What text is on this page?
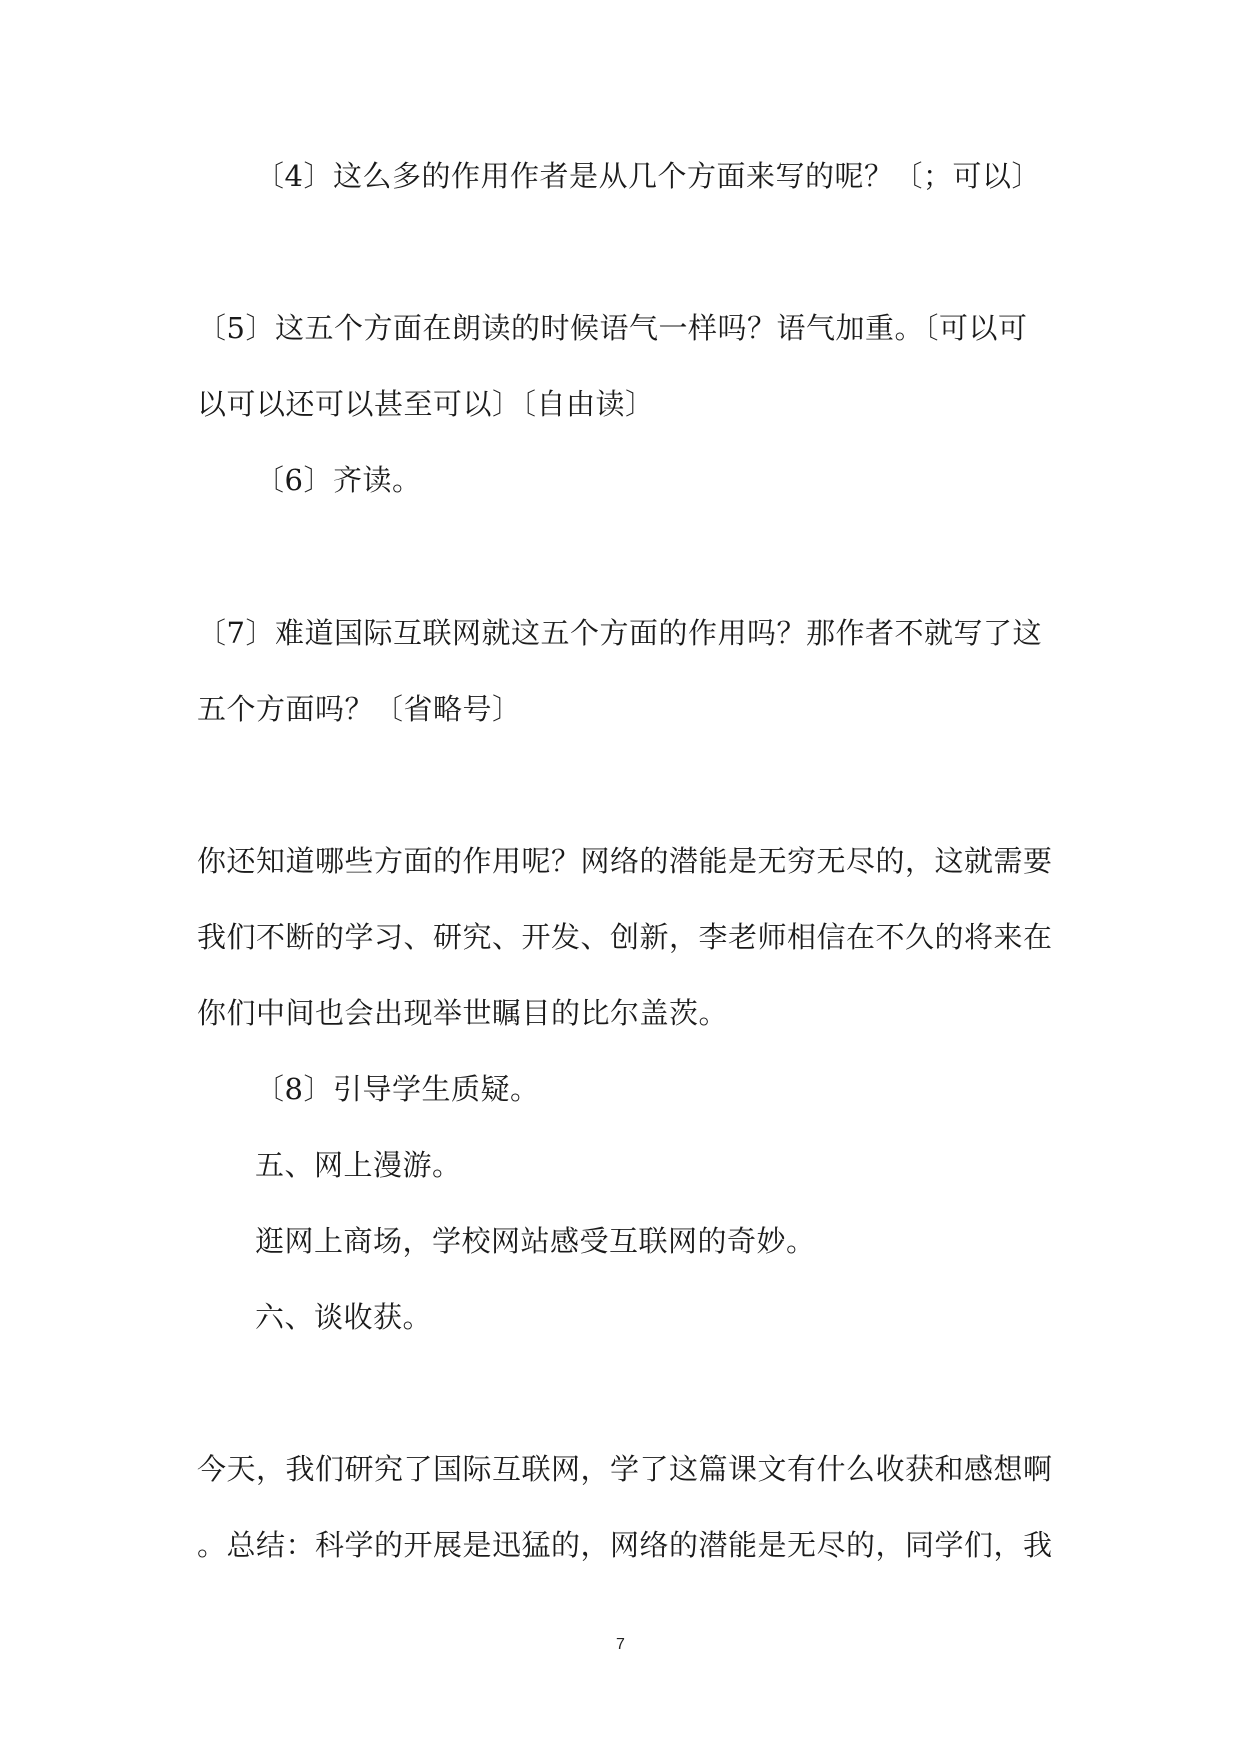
〔4〕这么多的作用作者是从几个方面来写的呢？〔；可以〕
〔5〕这五个方面在朗读的时候语气一样吗？语气加重。〔可以可
以可以还可以甚至可以〕〔自由读〕
〔6〕齐读。
〔7〕难道国际互联网就这五个方面的作用吗？那作者不就写了这
五个方面吗？〔省略号〕
你还知道哪些方面的作用呢？网络的潜能是无穷无尽的，这就需要
我们不断的学习、研究、开发、创新，李老师相信在不久的将来在
你们中间也会出现举世瞩目的比尔盖茨。
〔8〕引导学生质疑。
五、网上漫游。
逛网上商场，学校网站感受互联网的奇妙。
六、谈收获。
今天，我们研究了国际互联网，学了这篇课文有什么收获和感想啊
。总结：科学的开展是迅猛的，网络的潜能是无尽的，同学们，我
7
